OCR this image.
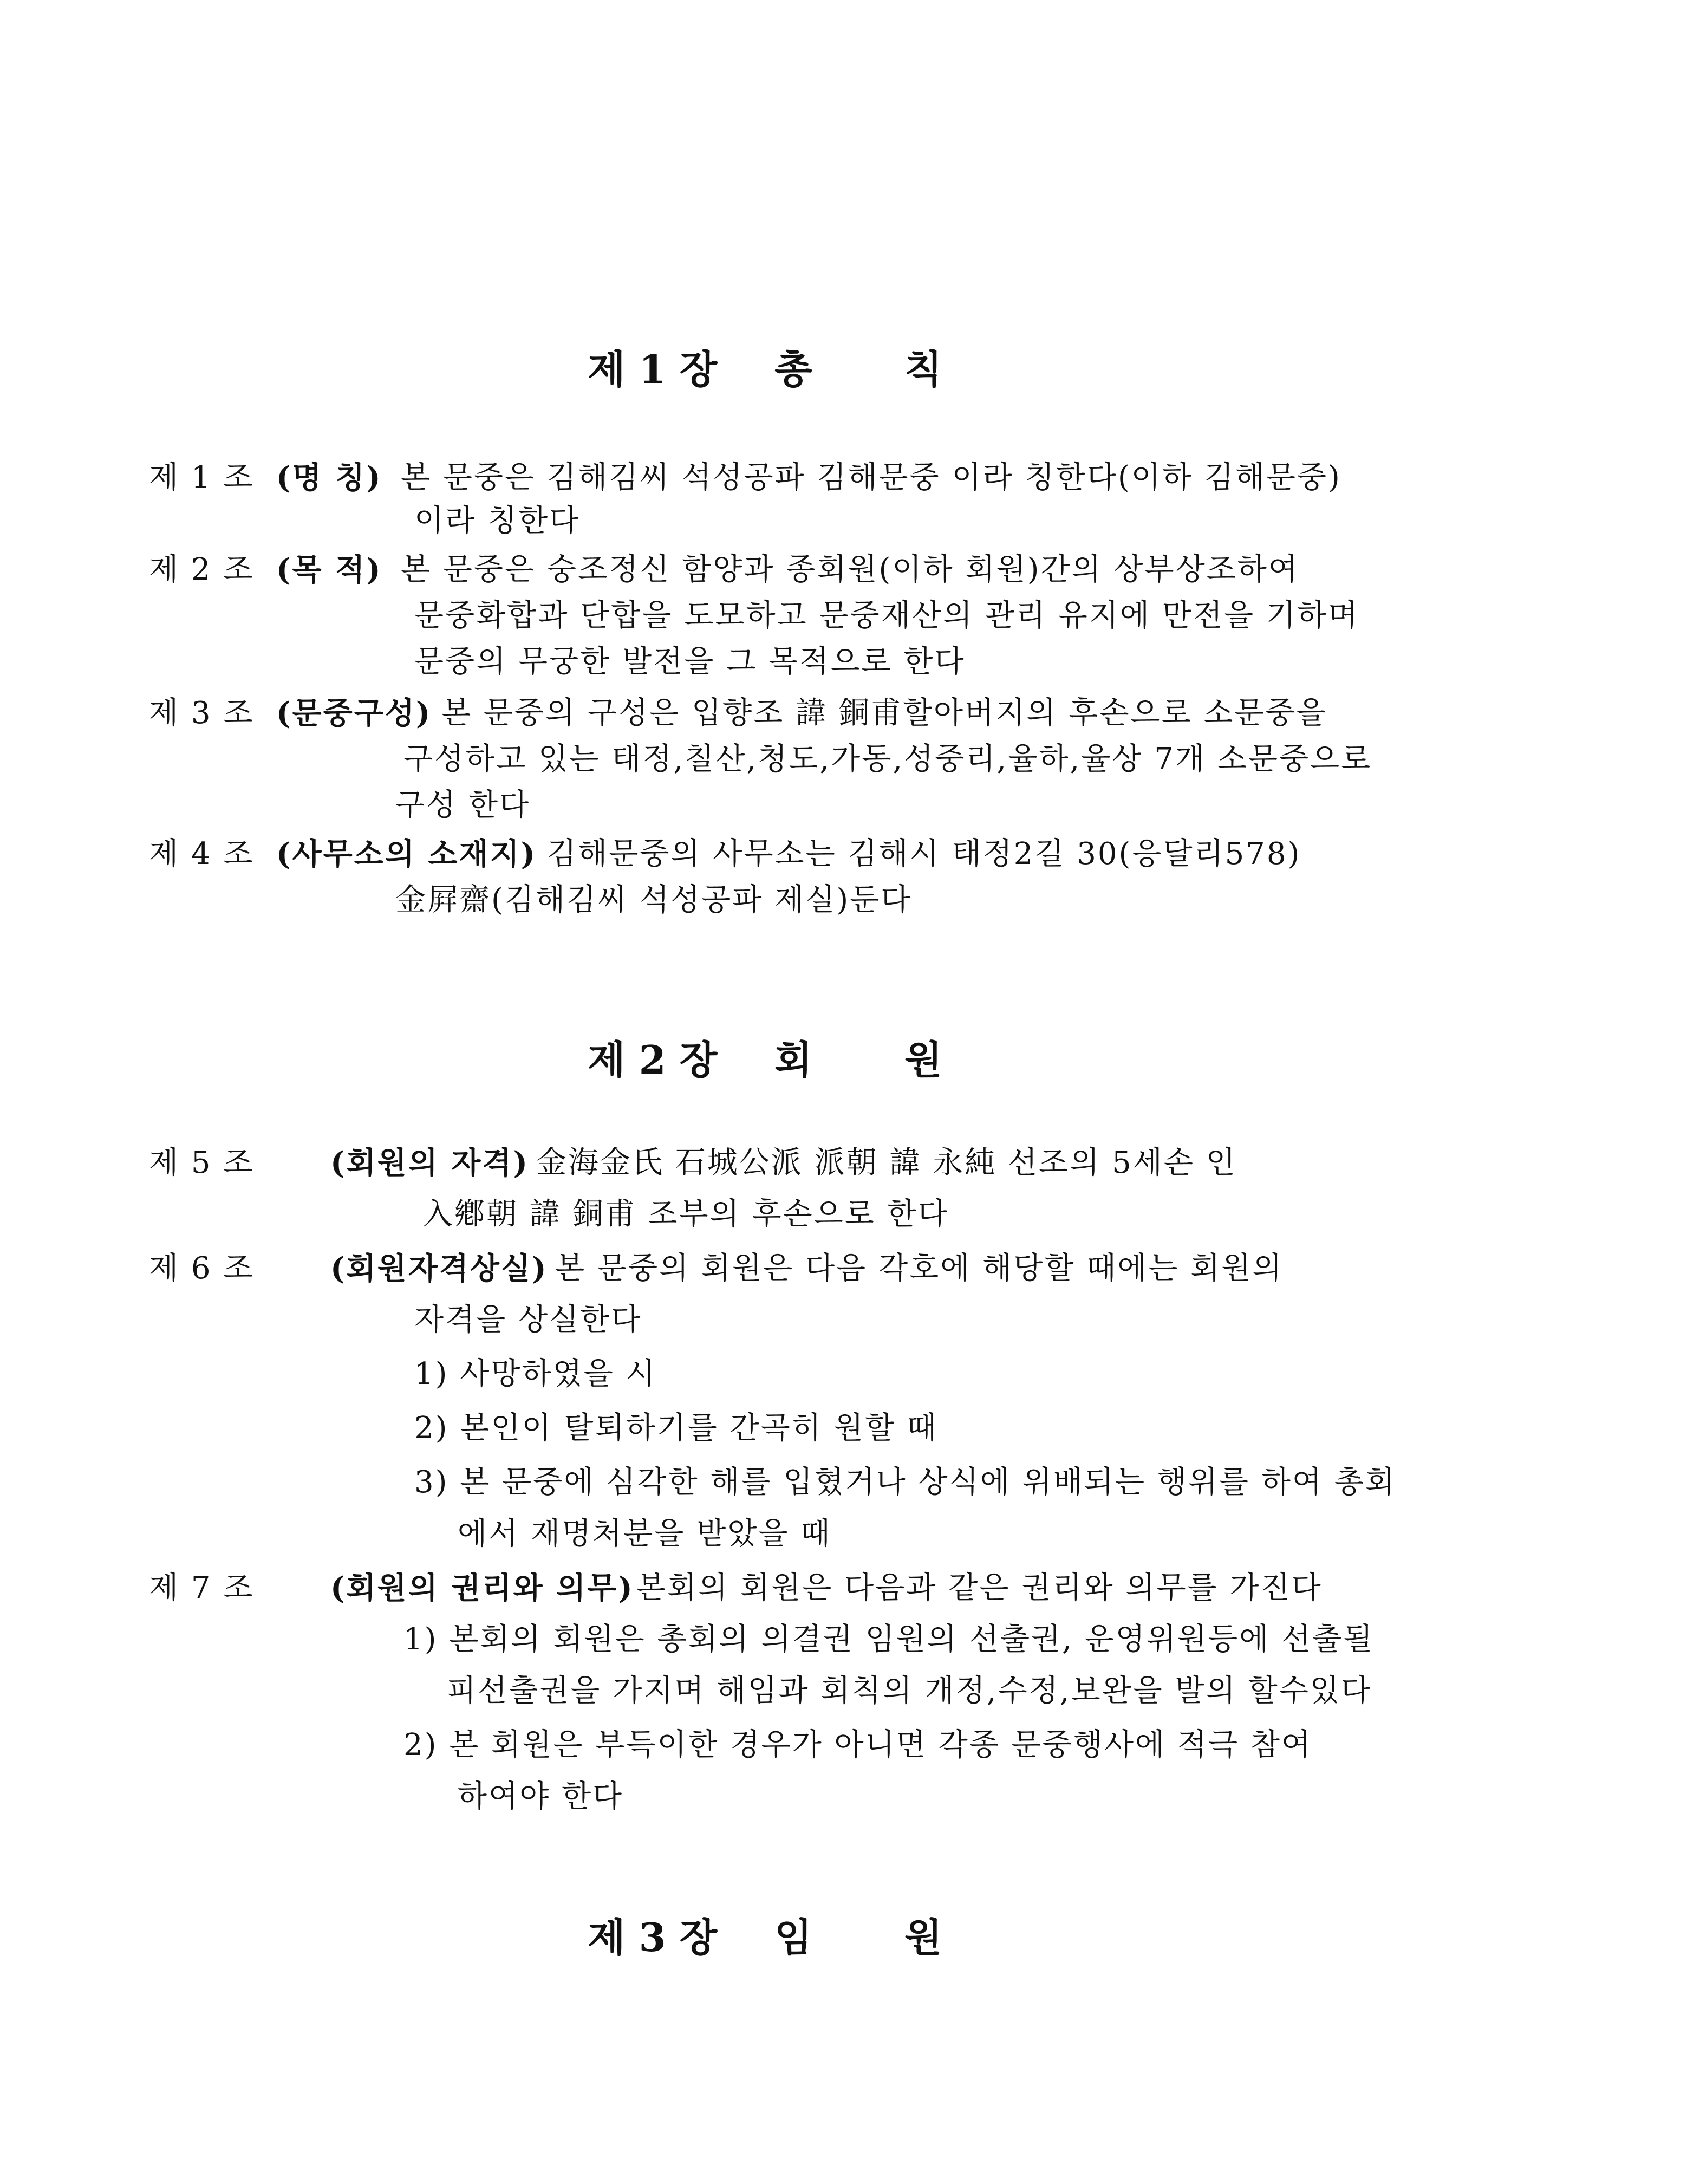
제 1 장 총 칙
제 1 조 (명 칭) 본 문중은 김해김씨 석성공파 김해문중 이라 칭한다(이하 김해문중)
이라 칭한다
제 2 조 (목 적) 본 문중은 숭조정신 함양과 종회원(이하 회원)간의 상부상조하여
문중화합과 단합을 도모하고 문중재산의 관리 유지에 만전을 기하며
문중의 무궁한 발전을 그 목적으로 한다
제 3 조 (문중구성) 본 문중의 구성은 입향조 諱 銅甫할아버지의 후손으로 소문중을
구성하고 있는 태정,칠산,청도,가동,성중리,율하,율상 7개 소문중으로
구성 한다
제 4 조 (사무소의 소재지) 김해문중의 사무소는 김해시 태정2길 30(응달리578)
金屛齋(김해김씨 석성공파 제실)둔다
제 2 장 회 원
제 5 조	(회원의 자격) 金海金氏 石城公派 派朝 諱 永純 선조의 5세손 인
入鄕朝 諱 銅甫 조부의 후손으로 한다
제 6 조	(회원자격상실) 본 문중의 회원은 다음 각호에 해당할 때에는 회원의
자격을 상실한다
1) 사망하였을 시
2) 본인이 탈퇴하기를 간곡히 원할 때
3) 본 문중에 심각한 해를 입혔거나 상식에 위배되는 행위를 하여 총회
에서 재명처분을 받았을 때
제 7 조	(회원의 권리와 의무) 본회의 회원은 다음과 같은 권리와 의무를 가진다
1) 본회의 회원은 총회의 의결권 임원의 선출권, 운영위원등에 선출될
피선출권을 가지며 해임과 회칙의 개정,수정,보완을 발의 할수있다
2) 본 회원은 부득이한 경우가 아니면 각종 문중행사에 적극 참여
하여야 한다
제 3 장 임 원
